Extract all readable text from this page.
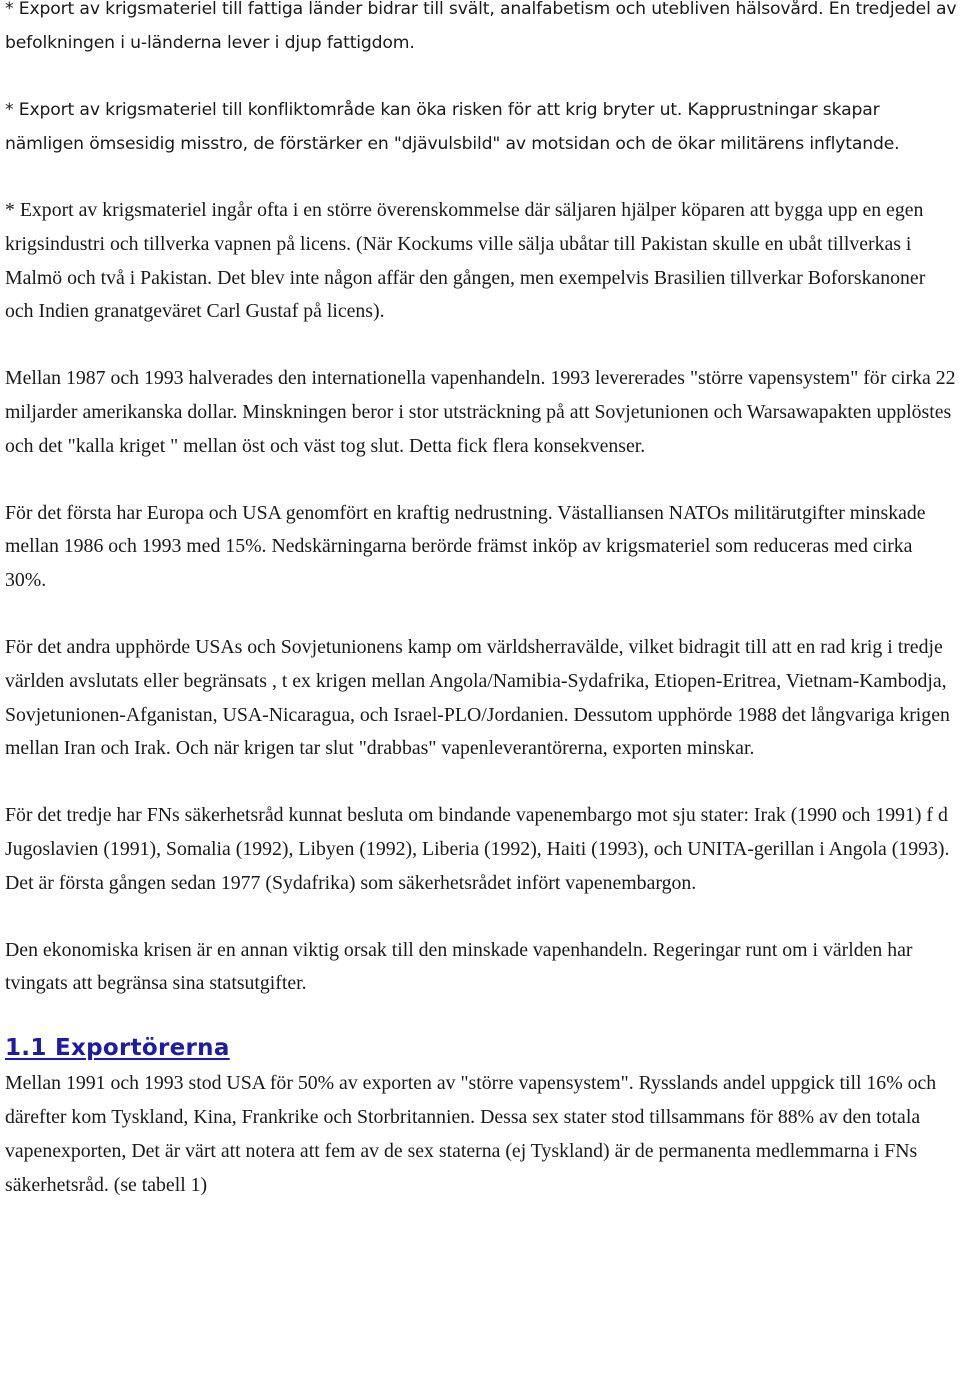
* Export av krigsmateriel till fattiga länder bidrar till svält, analfabetism och utebliven hälsovård. En tredjedel av befolkningen i u-länderna lever i djup fattigdom.

* Export av krigsmateriel till konfliktområde kan öka risken för att krig bryter ut. Kapprustningar skapar nämligen ömsesidig misstro, de förstärker en "djävulsbild" av motsidan och de ökar militärens inflytande.

* Export av krigsmateriel ingår ofta i en större överenskommelse där säljaren hjälper köparen att bygga upp en egen krigsindustri och tillverka vapnen på licens. (När Kockums ville sälja ubåtar till Pakistan skulle en ubåt tillverkas i Malmö och två i Pakistan. Det blev inte någon affär den gången, men exempelvis Brasilien tillverkar Boforskanoner och Indien granatgeväret Carl Gustaf på licens).

Mellan 1987 och 1993 halverades den internationella vapenhandeln. 1993 levererades "större vapensystem" för cirka 22 miljarder amerikanska dollar. Minskningen beror i stor utsträckning på att Sovjetunionen och Warsawapakten upplöstes och det "kalla kriget " mellan öst och väst tog slut. Detta fick flera konsekvenser.

För det första har Europa och USA genomfört en kraftig nedrustning. Västalliansen NATOs militärutgifter minskade mellan 1986 och 1993 med 15%. Nedskärningarna berörde främst inköp av krigsmateriel som reduceras med cirka 30%.

För det andra upphörde USAs och Sovjetunionens kamp om världsherravälde, vilket bidragit till att en rad krig i tredje världen avslutats eller begränsats , t ex krigen mellan Angola/Namibia-Sydafrika, Etiopen-Eritrea, Vietnam-Kambodja, Sovjetunionen-Afganistan, USA-Nicaragua, och Israel-PLO/Jordanien. Dessutom upphörde 1988 det långvariga krigen mellan Iran och Irak. Och när krigen tar slut "drabbas" vapenleverantörerna, exporten minskar.

För det tredje har FNs säkerhetsråd kunnat besluta om bindande vapenembargo mot sju stater: Irak (1990 och 1991) f d Jugoslavien (1991), Somalia (1992), Libyen (1992), Liberia (1992), Haiti (1993), och UNITA-gerillan i Angola (1993). Det är första gången sedan 1977 (Sydafrika) som säkerhetsrådet infört vapenembargon.

Den ekonomiska krisen är en annan viktig orsak till den minskade vapenhandeln. Regeringar runt om i världen har tvingats att begränsa sina statsutgifter.

1.1 Exportörerna

Mellan 1991 och 1993 stod USA för 50% av exporten av "större vapensystem". Rysslands andel uppgick till 16% och därefter kom Tyskland, Kina, Frankrike och Storbritannien. Dessa sex stater stod tillsammans för 88% av den totala vapenexporten, Det är värt att notera att fem av de sex staterna (ej Tyskland) är de permanenta medlemmarna i FNs säkerhetsråd. (se tabell 1)
